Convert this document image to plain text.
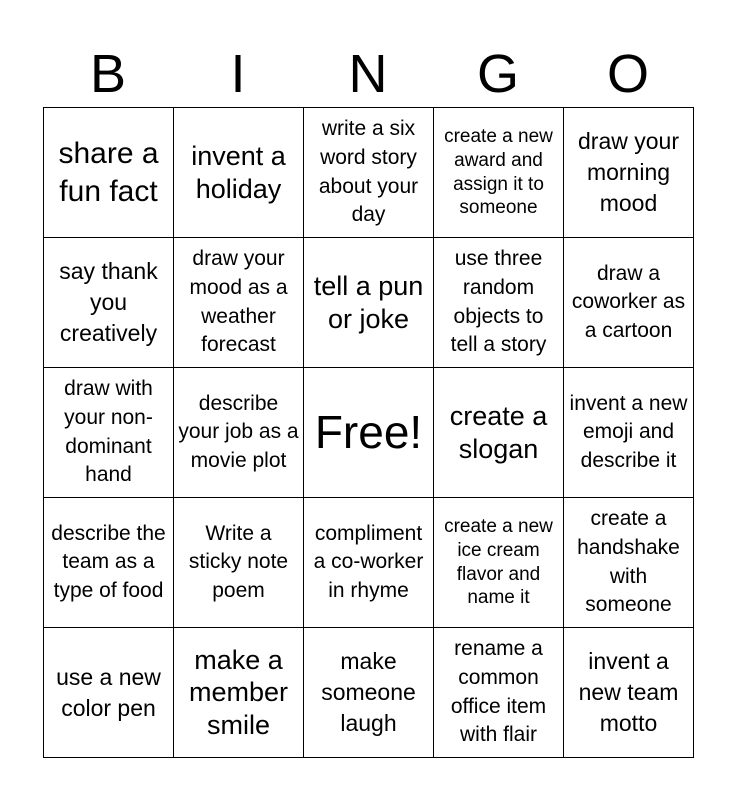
B	I	N	G	O
share a fun fact	invent a holiday	write a six word story about your day	create a new award and assign it to someone	draw your morning mood
say thank you creatively	draw your mood as a weather forecast	tell a pun or joke	use three random objects to tell a story	draw a coworker as a cartoon
draw with your non-dominant hand	describe your job as a movie plot	Free!	create a slogan	invent a new emoji and describe it
describe the team as a type of food	Write a sticky note poem	compliment a co-worker in rhyme	create a new ice cream flavor and name it	create a handshake with someone
use a new color pen	make a member smile	make someone laugh	rename a common office item with flair	invent a new team motto
